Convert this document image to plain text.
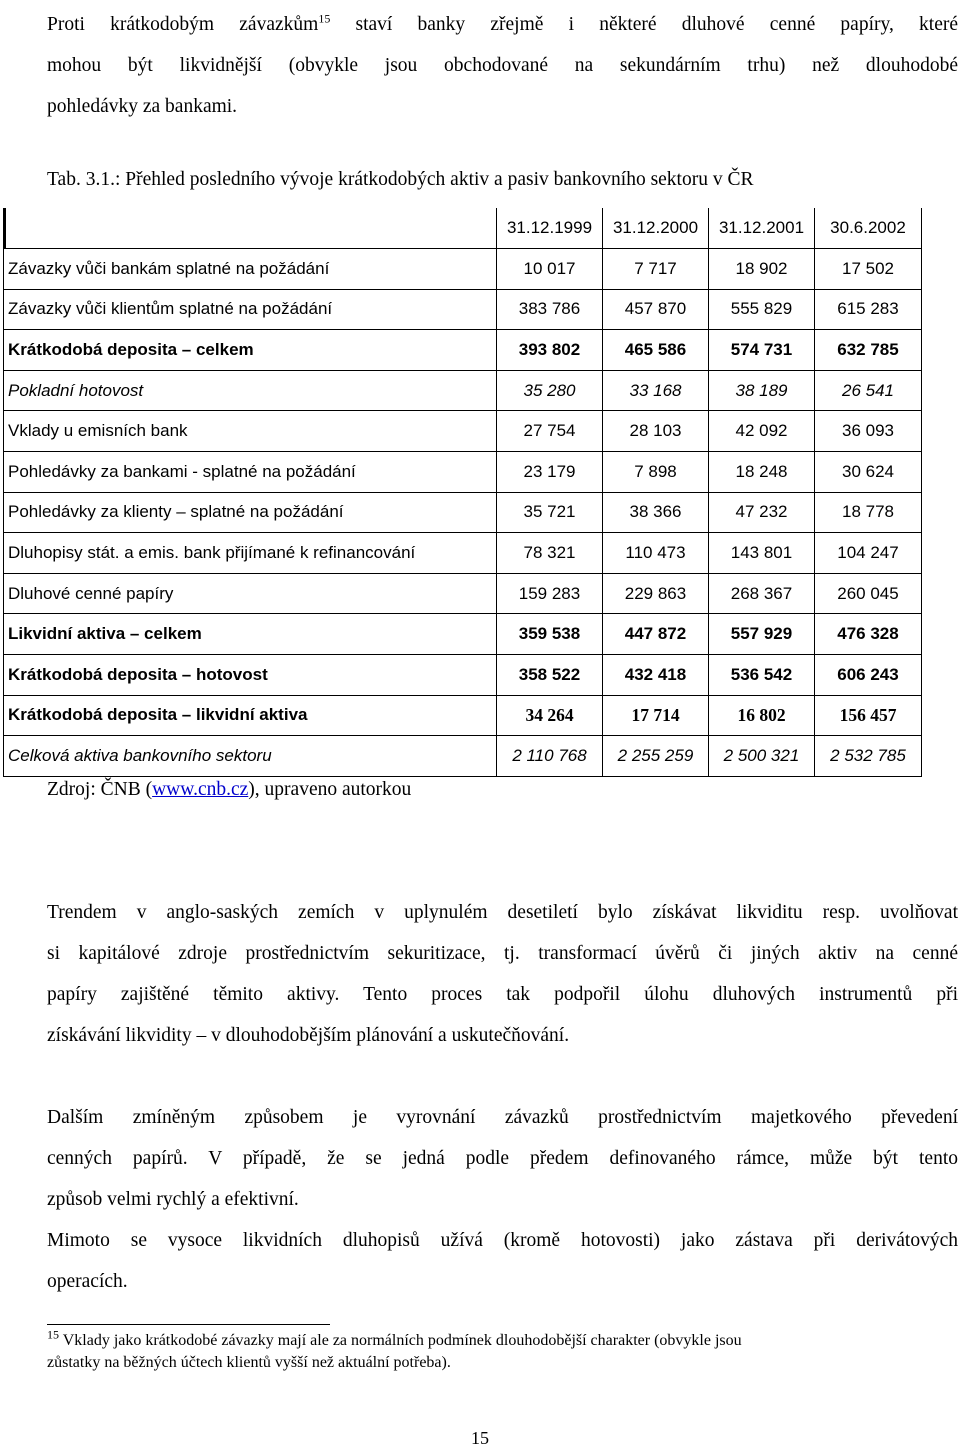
Proti krátkodobým závazkům$^{15}$ staví banky zřejmě i některé dluhové cenné papíry, které
mohou být likvidnější (obvykle jsou obchodované na sekundárním trhu) než dlouhodobé
pohledávky za bankami.
Tab. 3.1.: Přehled posledního vývoje krátkodobých aktiv a pasiv bankovního sektoru v ČR
	31.12.1999	31.12.2000	31.12.2001	30.6.2002
Závazky vůči bankám splatné na požádání	10 017	7 717	18 902	17 502
Závazky vůči klientům splatné na požádání	383 786	457 870	555 829	615 283
Krátkodobá deposita – celkem	393 802	465 586	574 731	632 785
Pokladní hotovost	35 280	33 168	38 189	26 541
Vklady u emisních bank	27 754	28 103	42 092	36 093
Pohledávky za bankami - splatné na požádání	23 179	7 898	18 248	30 624
Pohledávky za klienty – splatné na požádání	35 721	38 366	47 232	18 778
Dluhopisy stát. a emis. bank přijímané k refinancování	78 321	110 473	143 801	104 247
Dluhové cenné papíry	159 283	229 863	268 367	260 045
Likvidní aktiva – celkem	359 538	447 872	557 929	476 328
Krátkodobá deposita – hotovost	358 522	432 418	536 542	606 243
Krátkodobá deposita – likvidní aktiva	34 264	17 714	16 802	156 457
Celková aktiva bankovního sektoru	2 110 768	2 255 259	2 500 321	2 532 785
Zdroj: ČNB (www.cnb.cz), upraveno autorkou
Trendem v anglo-saských zemích v uplynulém desetiletí bylo získávat likviditu resp. uvolňovat
si kapitálové zdroje prostřednictvím sekuritizace, tj. transformací úvěrů či jiných aktiv na cenné
papíry zajištěné těmito aktivy. Tento proces tak podpořil úlohu dluhových instrumentů při
získávání likvidity – v dlouhodobějším plánování a uskutečňování.
Dalším zmíněným způsobem je vyrovnání závazků prostřednictvím majetkového převedení
cenných papírů. V případě, že se jedná podle předem definovaného rámce, může být tento
způsob velmi rychlý a efektivní.
Mimoto se vysoce likvidních dluhopisů užívá (kromě hotovosti) jako zástava při derivátových
operacích.
$^{15}$ Vklady jako krátkodobé závazky mají ale za normálních podmínek dlouhodobější charakter (obvykle jsou
zůstatky na běžných účtech klientů vyšší než aktuální potřeba).
15
